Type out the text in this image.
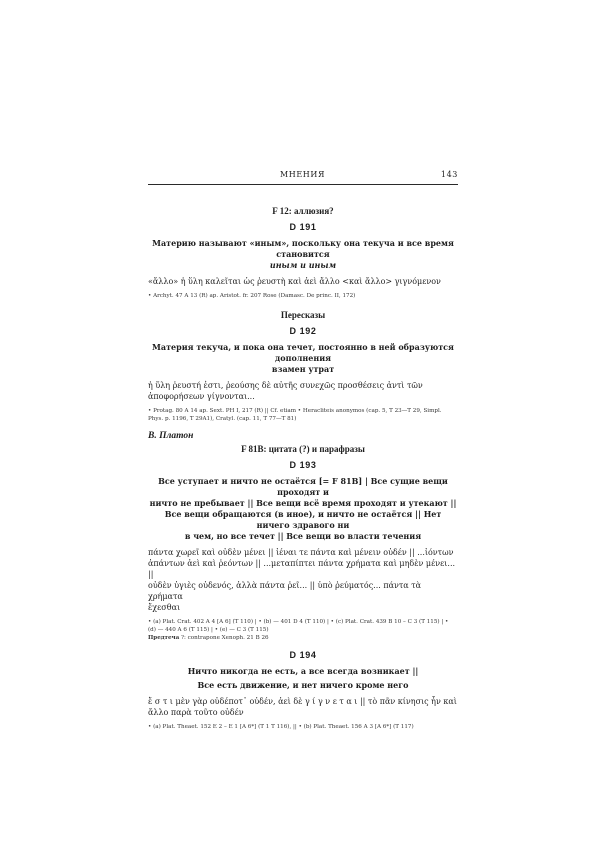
МНЕНИЯ	143
F 12: аллюзия?
D 191
Материю называют «иным», поскольку она текуча и все время становится
иным и иным
«ἄλλο» ἡ ὕλη καλεῖται ὡς ῥευστὴ καὶ ἀεὶ ἄλλο <καὶ ἄλλο> γιγνόμενον
• Archyt. 47 A 13 (R) ap. Aristot. fr. 207 Rose (Damasc. De princ. II, 172)
Пересказы
D 192
Материя текуча, и пока она течет, постоянно в ней образуются дополнения
взамен утрат
ἡ ὕλη ῥευστή ἐστι, ῥεούσης δὲ αὐτῆς συνεχῶς προσθέσεις ἀντὶ τῶν
ἀποφορήσεων γίγνονται...
• Protag. 80 A 14 ap. Sext. PH I, 217 (R) || Cf. etiam • Heracliteis anonymos (cap. 5, T 23—T 29, Simpl.
Phys. p. 1196, T 29A1), Cratyl. (cap. 11, T 77—T 81)
B. Платон
F 81B: цитата (?) и парафразы
D 193
Все уступает и ничто не остаётся [= F 81B] | Все сущие вещи проходят и
ничто не пребывает || Все вещи всё время проходят и утекают ||
Все вещи обращаются (в иное), и ничто не остаётся || Нет ничего здравого ни
в чем, но все течет || Все вещи во власти течения
πάντα χωρεῖ καὶ οὐδὲν μένει || ἰέναι τε πάντα καὶ μένειν οὐδέν || ...ἰόντων
ἁπάντων ἀεὶ καὶ ῥεόντων || ...μεταπίπτει πάντα χρήματα καὶ μηδὲν μένει... ||
οὐδὲν ὑγιὲς οὐδενός, ἀλλὰ πάντα ῥεῖ... || ὑπὸ ῥεύματός... πάντα τὰ χρήματα
ἔχεσθαι
• (a) Plat. Crat. 402 A 4 [A 6] (T 110) | • (b) — 401 D 4 (T 110) | • (c) Plat. Crat. 439 B 10 – C 3 (T 115) | •
(d) — 440 A 6 (T 115) | • (e) — C 3 (T 115)
Предтеча ?: contrapone Xenoph. 21 B 26
D 194
Ничто никогда не есть, а все всегда возникает ||
Все есть движение, и нет ничего кроме него
ἔ σ τ ι μὲν γὰρ οὐδέποτ᾽ οὐδέν, ἀεὶ δὲ γ ί γ ν ε τ α ι || τὸ πᾶν κίνησις ἦν καὶ
ἄλλο παρὰ τοῦτο οὐδέν
• (a) Plat. Theaet. 152 E 2 – E 1 [A 6*] (T 1 T 116), || • (b) Plat. Theaet. 156 A 3 [A 6*] (T 117)
